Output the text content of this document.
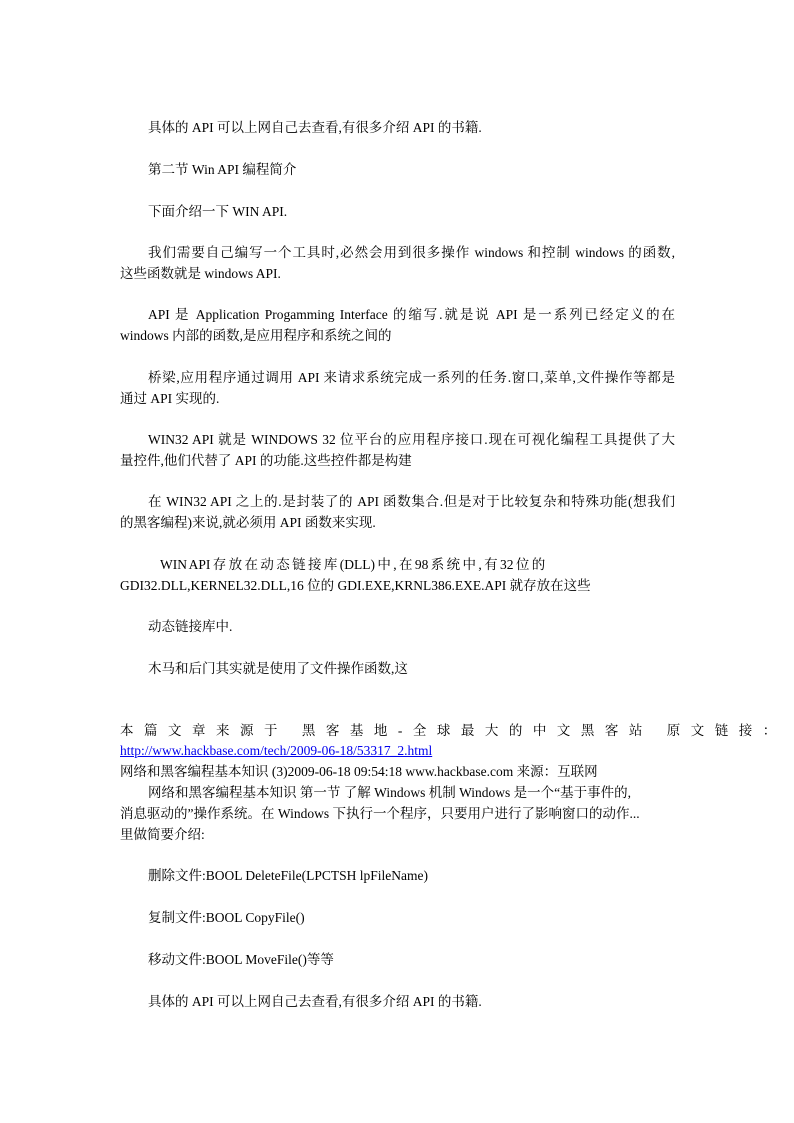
具体的 API 可以上网自己去查看,有很多介绍 API 的书籍.
第二节 Win API 编程简介
下面介绍一下 WIN API.
我们需要自己编写一个工具时,必然会用到很多操作 windows 和控制 windows 的函数,
这些函数就是 windows API.
API 是 Application Progamming Interface 的缩写.就是说 API 是一系列已经定义的在
windows 内部的函数,是应用程序和系统之间的
桥梁,应用程序通过调用 API 来请求系统完成一系列的任务.窗口,菜单,文件操作等都是
通过 API 实现的.
WIN32 API 就是 WINDOWS 32 位平台的应用程序接口.现在可视化编程工具提供了大
量控件,他们代替了 API 的功能.这些控件都是构建
在 WIN32 API 之上的.是封装了的 API 函数集合.但是对于比较复杂和特殊功能(想我们
的黑客编程)来说,就必须用 API 函数来实现.
WIN API 存 放 在 动 态 链 接 库 (DLL) 中 , 在 98 系 统 中 , 有 32 位 的
GDI32.DLL,KERNEL32.DLL,16 位的 GDI.EXE,KRNL386.EXE.API 就存放在这些
动态链接库中.
木马和后门其实就是使用了文件操作函数,这
本篇文章来源于 黑客基地-全球最大的中文黑客站 原文链接：
http://www.hackbase.com/tech/2009-06-18/53317_2.html
网络和黑客编程基本知识 (3)2009-06-18 09:54:18 www.hackbase.com 来源：互联网
网络和黑客编程基本知识 第一节 了解 Windows 机制 Windows 是一个“基于事件的,
消息驱动的”操作系统。在 Windows 下执行一个程序，只要用户进行了影响窗口的动作...
里做简要介绍:
删除文件:BOOL DeleteFile(LPCTSH lpFileName)
复制文件:BOOL CopyFile()
移动文件:BOOL MoveFile()等等
具体的 API 可以上网自己去查看,有很多介绍 API 的书籍.
